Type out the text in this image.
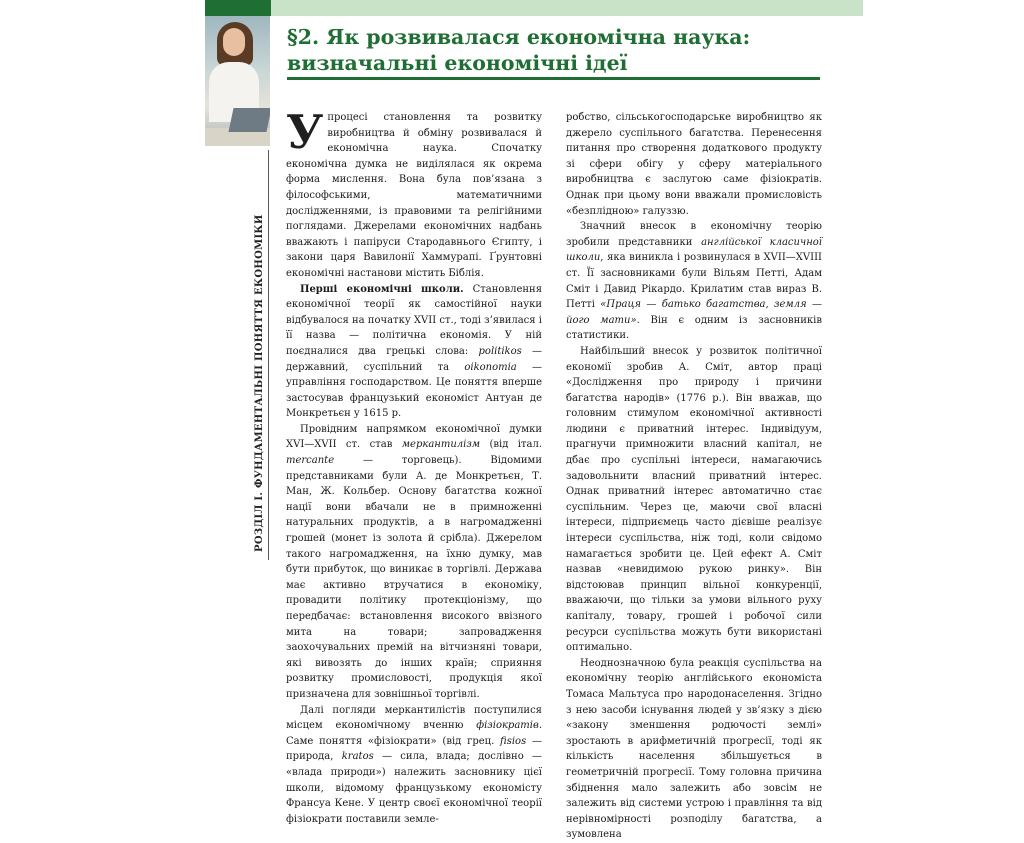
РОЗДІЛ І. ФУНДАМЕНТАЛЬНІ ПОНЯТТЯ ЕКОНОМІКИ
§2. Як розвивалася економічна наука:
визначальні економічні ідеї

Упроцесі становлення та розвитку виробництва й обміну розвивалася й економічна наука. Спочатку економічна думка не виділялася як окрема форма мислення. Вона була пов’язана з філософськими, математичними дослідженнями, із правовими та релігійними поглядами. Джерелами економічних надбань вважають і папіруси Стародавнього Єгипту, і закони царя Вавилонії Хаммурапі. Ґрунтовні економічні настанови містить Біблія.

Перші економічні школи. Становлення економічної теорії як самостійної науки відбувалося на початку XVII ст., тоді з’явилася і її назва — політична економія. У ній поєдналися два грецькі слова: politikos — державний, суспільний та oikonomia — управління господарством. Це поняття вперше застосував французький економіст Антуан де Монкретьєн у 1615 р.

Провідним напрямком економічної думки XVI—XVII ст. став меркантилізм (від італ. mercante — торговець). Відомими представниками були А. де Монкретьєн, Т. Ман, Ж. Кольбер. Основу багатства кожної нації вони вбачали не в примноженні натуральних продуктів, а в нагромадженні грошей (монет із золота й срібла). Джерелом такого нагромадження, на їхню думку, мав бути прибуток, що виникає в торгівлі. Держава має активно втручатися в економіку, провадити політику протекціонізму, що передбачає: встановлення високого ввізного мита на товари; запровадження заохочувальних премій на вітчизняні товари, які вивозять до інших країн; сприяння розвитку промисловості, продукція якої призначена для зовнішньої торгівлі.

Далі погляди меркантилістів поступилися місцем економічному вченню фізіократів. Саме поняття «фізіократи» (від грец. fisios — природа, kratos — сила, влада; дослівно — «влада природи») належить засновнику цієї школи, відомому французькому економісту Франсуа Кене. У центр своєї економічної теорії фізіократи поставили земле-

робство, сільськогосподарське виробництво як джерело суспільного багатства. Перенесення питання про створення додаткового продукту зі сфери обігу у сферу матеріального виробництва є заслугою саме фізіократів. Однак при цьому вони вважали промисловість «безплідною» галуззю.

Значний внесок в економічну теорію зробили представники англійської класичної школи, яка виникла і розвинулася в XVII—XVIII ст. Її засновниками були Вільям Петті, Адам Сміт і Давид Рікардо. Крилатим став вираз В. Петті «Праця — батько багатства, земля — його мати». Він є одним із засновників статистики.

Найбільший внесок у розвиток політичної економії зробив А. Сміт, автор праці «Дослідження про природу і причини багатства народів» (1776 р.). Він вважав, що головним стимулом економічної активності людини є приватний інтерес. Індивідуум, прагнучи примножити власний капітал, не дбає про суспільні інтереси, намагаючись задовольнити власний приватний інтерес. Однак приватний інтерес автоматично стає суспільним. Через це, маючи свої власні інтереси, підприємець часто дієвіше реалізує інтереси суспільства, ніж тоді, коли свідомо намагається зробити це. Цей ефект А. Сміт назвав «невидимою рукою ринку». Він відстоював принцип вільної конкуренції, вважаючи, що тільки за умови вільного руху капіталу, товару, грошей і робочої сили ресурси суспільства можуть бути використані оптимально.

Неоднозначною була реакція суспільства на економічну теорію англійського економіста Томаса Мальтуса про народонаселення. Згідно з нею засоби існування людей у зв’язку з дією «закону зменшення родючості землі» зростають в арифметичній прогресії, тоді як кількість населення збільшується в геометричній прогресії. Тому головна причина збіднення мало залежить або зовсім не залежить від системи устрою і правління та від нерівномірності розподілу багатства, а зумовлена
